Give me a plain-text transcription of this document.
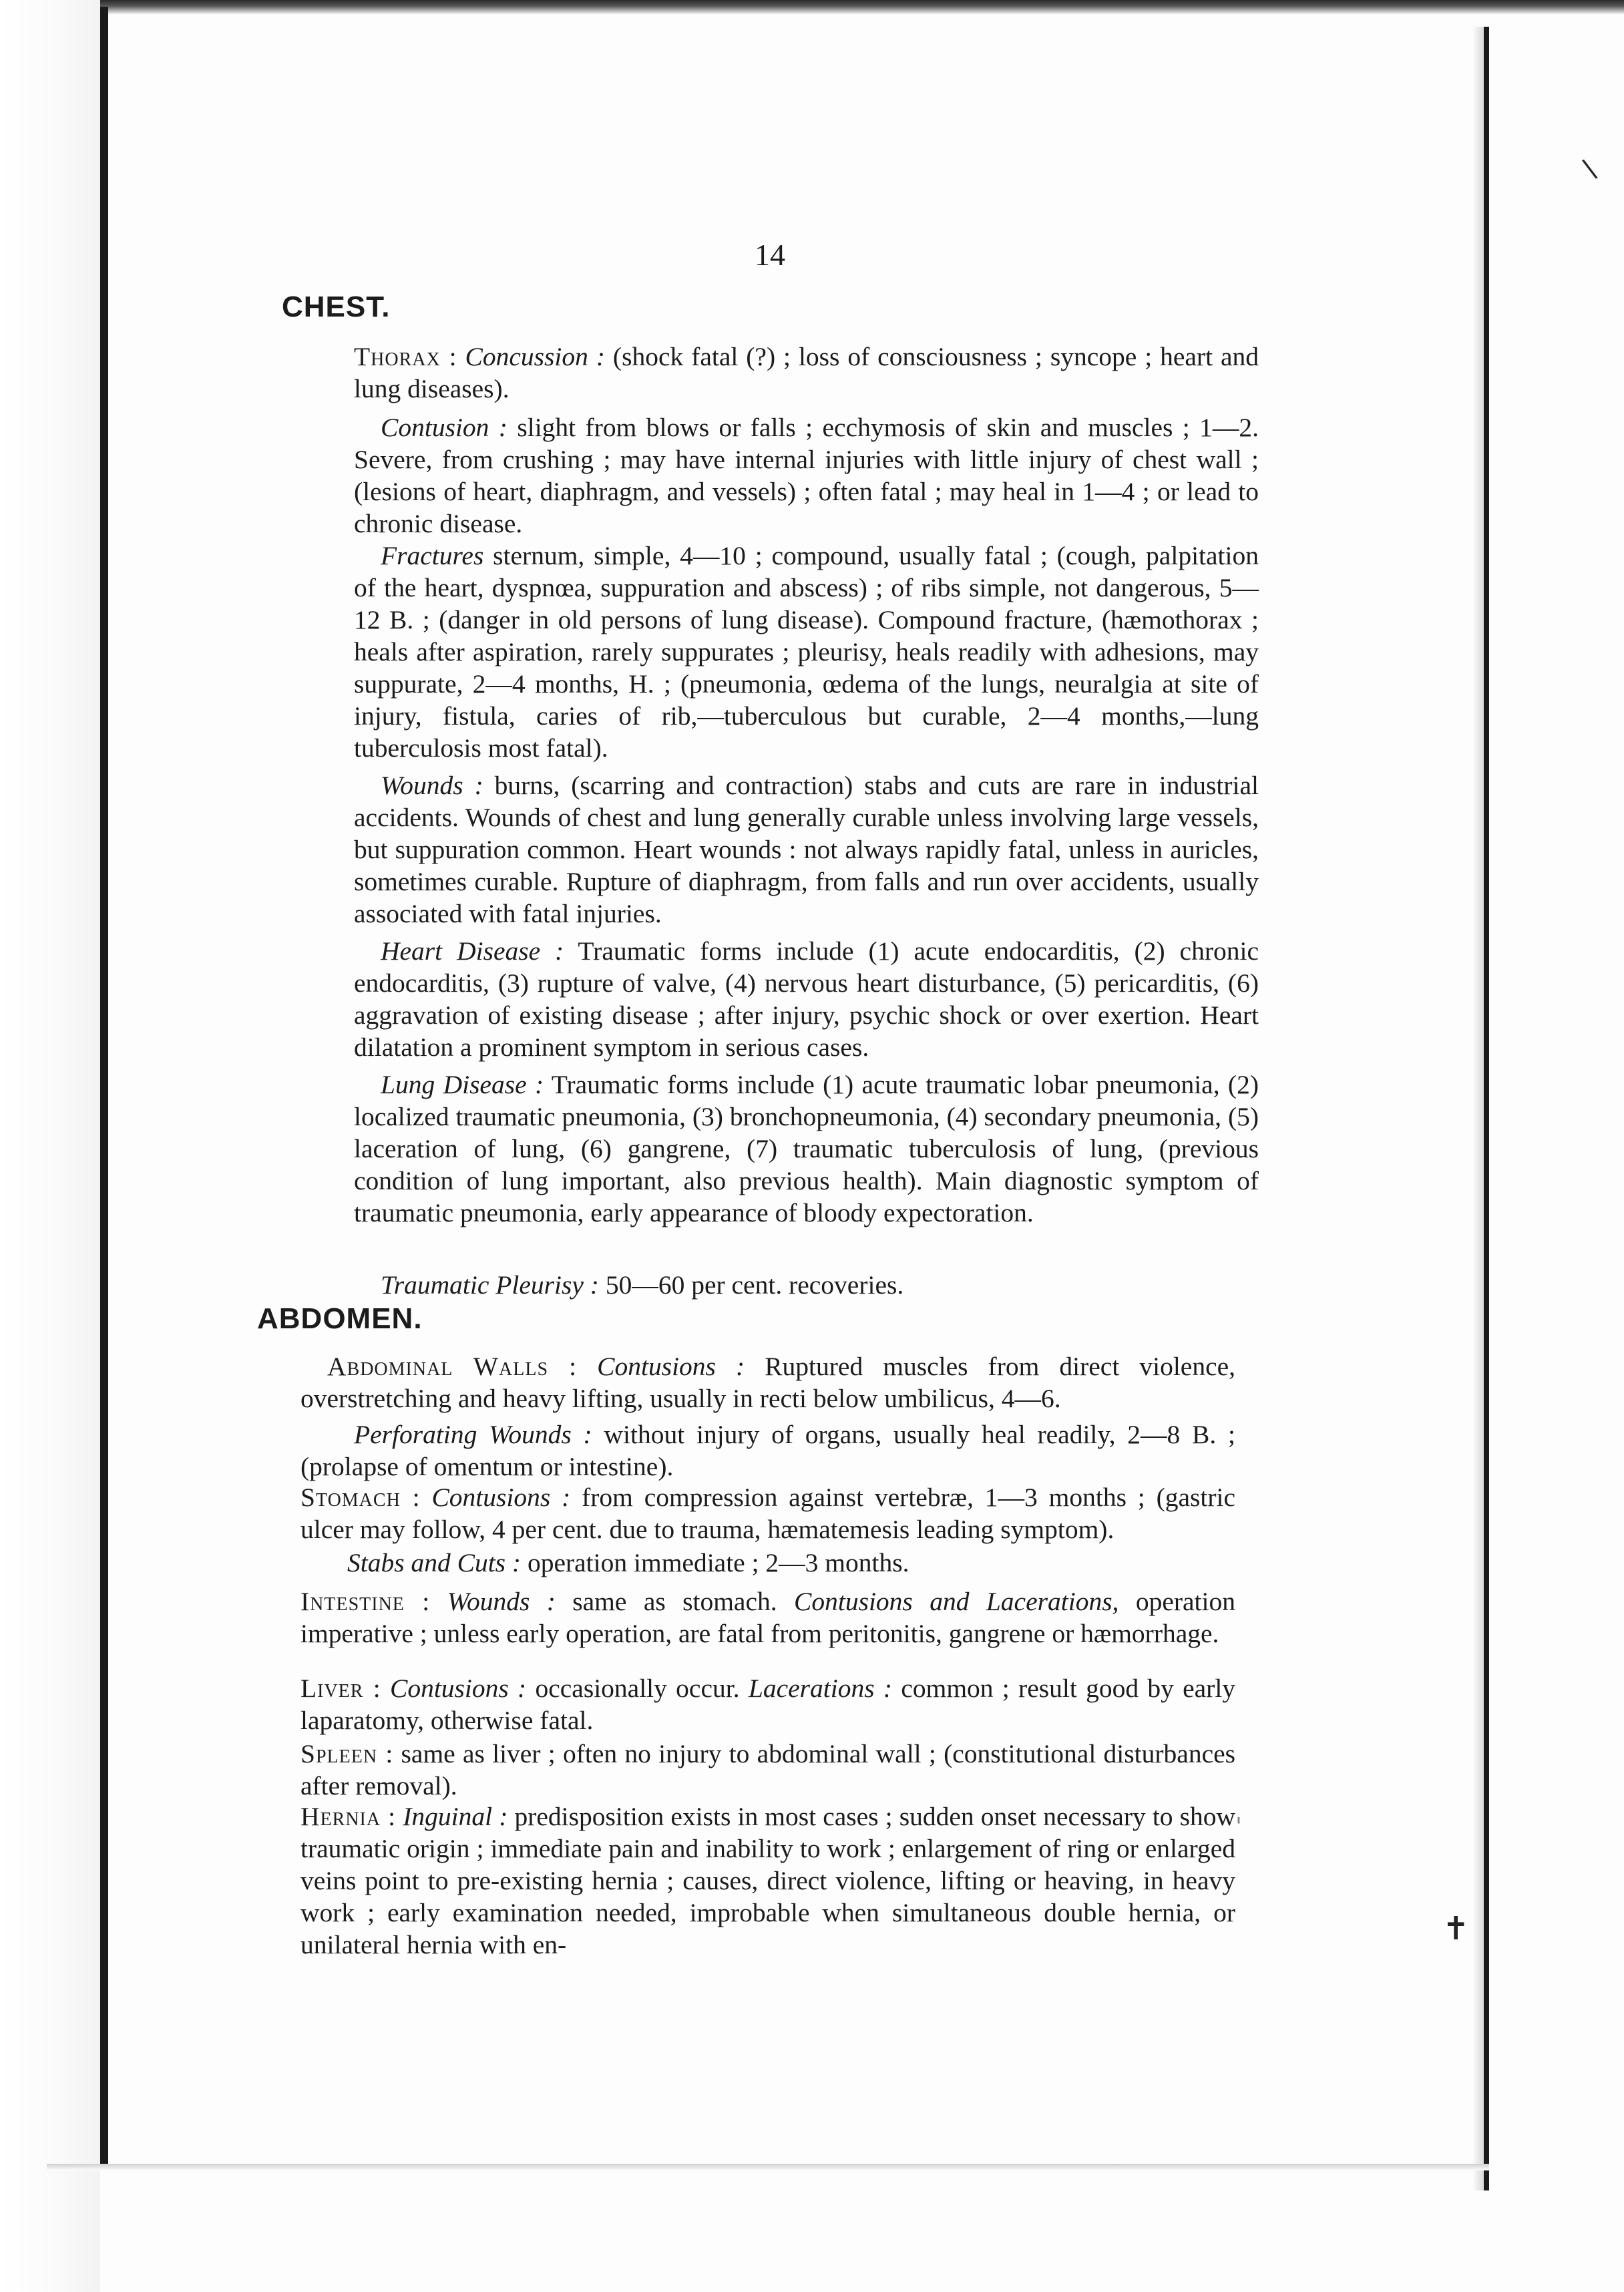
\
✝
'
14
CHEST.

Thorax : Concussion : (shock fatal (?) ; loss of consciousness ; syncope ; heart and lung diseases).

Contusion : slight from blows or falls ; ecchymosis of skin and muscles ; 1—2. Severe, from crushing ; may have internal injuries with little injury of chest wall ; (lesions of heart, diaphragm, and vessels) ; often fatal ; may heal in 1—4 ; or lead to chronic disease.

Fractures sternum, simple, 4—10 ; compound, usually fatal ; (cough, palpitation of the heart, dyspnœa, suppuration and abscess) ; of ribs simple, not dangerous, 5—12 B. ; (danger in old persons of lung disease). Compound fracture, (hæmothorax ; heals after aspiration, rarely suppurates ; pleurisy, heals readily with adhesions, may suppurate, 2—4 months, H. ; (pneumonia, œdema of the lungs, neuralgia at site of injury, fistula, caries of rib,—tuberculous but curable, 2—4 months,—lung tuberculosis most fatal).

Wounds : burns, (scarring and contraction) stabs and cuts are rare in industrial accidents. Wounds of chest and lung generally curable unless involving large vessels, but suppuration common. Heart wounds : not always rapidly fatal, unless in auricles, sometimes curable. Rupture of diaphragm, from falls and run over accidents, usually associated with fatal injuries.

Heart Disease : Traumatic forms include (1) acute endocarditis, (2) chronic endocarditis, (3) rupture of valve, (4) nervous heart disturbance, (5) pericarditis, (6) aggravation of existing disease ; after injury, psychic shock or over exertion. Heart dilatation a prominent symptom in serious cases.

Lung Disease : Traumatic forms include (1) acute traumatic lobar pneumonia, (2) localized traumatic pneumonia, (3) bronchopneumonia, (4) secondary pneumonia, (5) laceration of lung, (6) gangrene, (7) traumatic tuberculosis of lung, (previous condition of lung important, also previous health). Main diagnostic symptom of traumatic pneumonia, early appearance of bloody expectoration.

Traumatic Pleurisy : 50—60 per cent. recoveries.

ABDOMEN.

Abdominal Walls : Contusions : Ruptured muscles from direct violence, overstretching and heavy lifting, usually in recti below umbilicus, 4—6.

Perforating Wounds : without injury of organs, usually heal readily, 2—8 B. ; (prolapse of omentum or intestine).

Stomach : Contusions : from compression against vertebræ, 1—3 months ; (gastric ulcer may follow, 4 per cent. due to trauma, hæmatemesis leading symptom).

Stabs and Cuts : operation immediate ; 2—3 months.

Intestine : Wounds : same as stomach. Contusions and Lacerations, operation imperative ; unless early operation, are fatal from peritonitis, gangrene or hæmorrhage.

Liver : Contusions : occasionally occur. Lacerations : common ; result good by early laparatomy, otherwise fatal.

Spleen : same as liver ; often no injury to abdominal wall ; (constitutional disturbances after removal).

Hernia : Inguinal : predisposition exists in most cases ; sudden onset necessary to show traumatic origin ; immediate pain and inability to work ; enlargement of ring or enlarged veins point to pre-existing hernia ; causes, direct violence, lifting or heaving, in heavy work ; early examination needed, improbable when simultaneous double hernia, or unilateral hernia with en-
